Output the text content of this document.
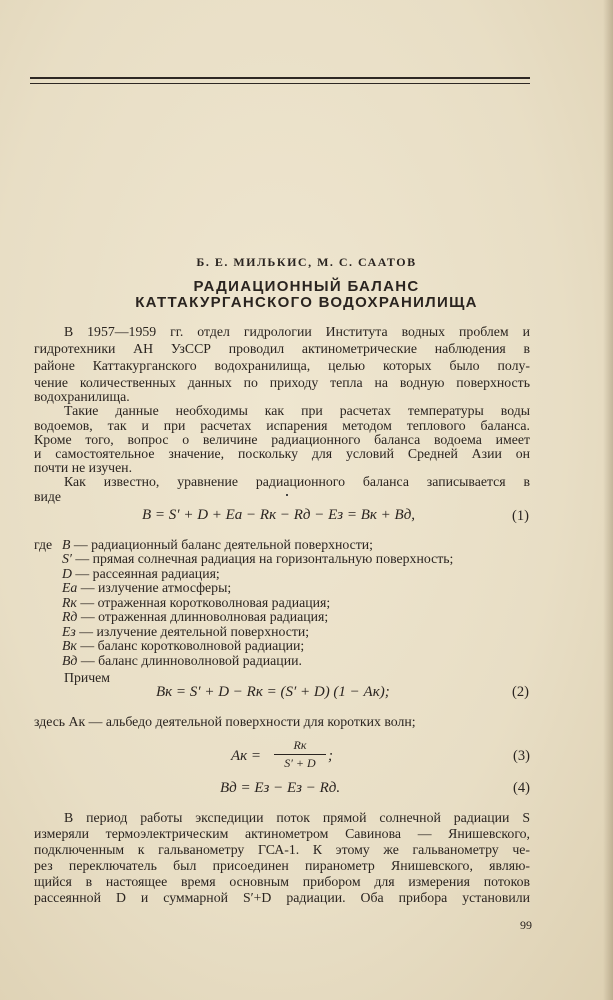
Б. Е. МИЛЬКИС, М. С. СААТОВ
РАДИАЦИОННЫЙ БАЛАНС
КАТТАКУРГАНСКОГО ВОДОХРАНИЛИЩА
В 1957—1959 гг. отдел гидрологии Института водных проблем и
гидротехники АН УзССР проводил актинометрические наблюдения в
районе Каттакурганского водохранилища, целью которых было полу-
чение количественных данных по приходу тепла на водную поверхность
водохранилища.
Такие данные необходимы как при расчетах температуры воды
водоемов, так и при расчетах испарения методом теплового баланса.
Кроме того, вопрос о величине радиационного баланса водоема имеет
и самостоятельное значение, поскольку для условий Средней Азии он
почти не изучен.
Как известно, уравнение радиационного баланса записывается в
виде
B = S′ + D + Eа − Rк − Rд − Eз = Bк + Bд,	(1)
где B — радиационный баланс деятельной поверхности;
S′ — прямая солнечная радиация на горизонтальную поверхность;
D — рассеянная радиация;
Eа — излучение атмосферы;
Rк — отраженная коротковолновая радиация;
Rд — отраженная длинноволновая радиация;
Eз — излучение деятельной поверхности;
Bк — баланс коротковолновой радиации;
Bд — баланс длинноволновой радиации.
Причем
Bк = S′ + D − Rк = (S′ + D) (1 − Aк);	(2)
здесь Aк — альбедо деятельной поверхности для коротких волн;
Aк =
Rк
S′ + D ;	(3)
Bд = Eз − Eз − Rд.	(4)
В период работы экспедиции поток прямой солнечной радиации S
измеряли термоэлектрическим актинометром Савинова — Янишевского,
подключенным к гальванометру ГСА-1. К этому же гальванометру че-
рез переключатель был присоединен пиранометр Янишевского, являю-
щийся в настоящее время основным прибором для измерения потоков
рассеянной D и суммарной S′+D радиации. Оба прибора установили
99
